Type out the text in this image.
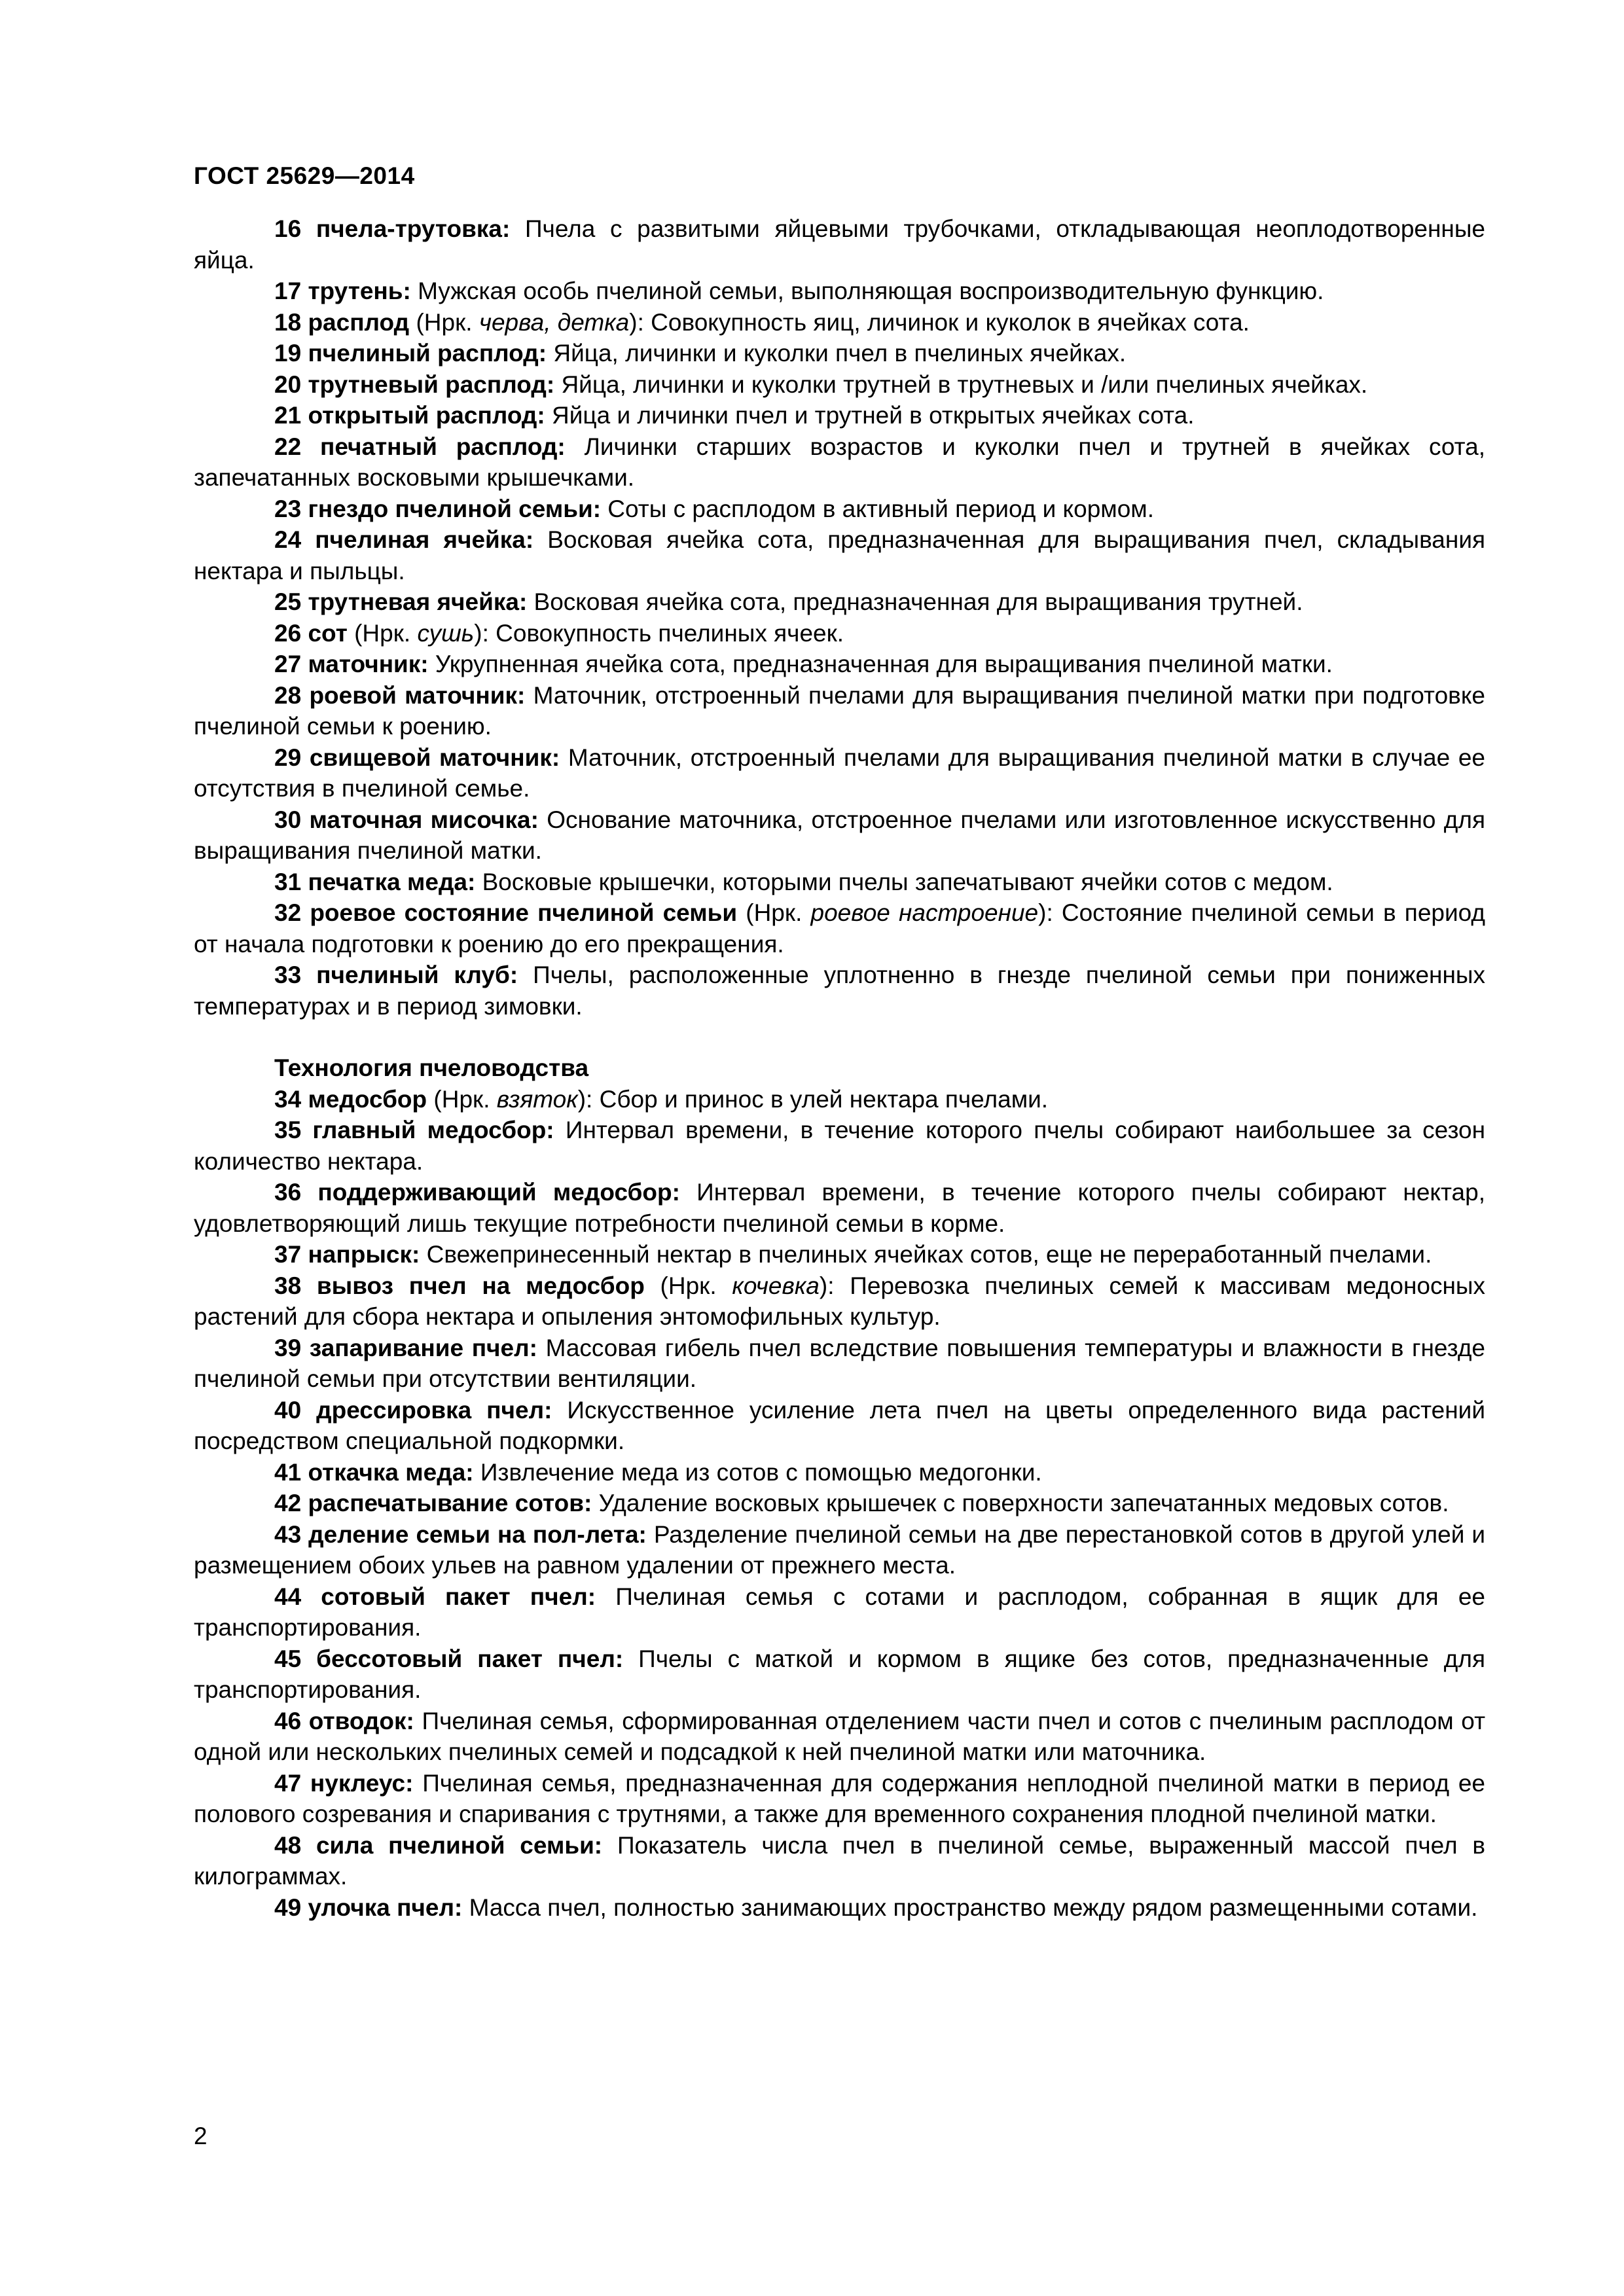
ГОСТ 25629—2014

16 пчела-трутовка: Пчела с развитыми яйцевыми трубочками, откладывающая неоплодотворенные яйца.

17 трутень: Мужская особь пчелиной семьи, выполняющая воспроизводительную функцию.

18 расплод (Нрк. черва, детка): Совокупность яиц, личинок и куколок в ячейках сота.

19 пчелиный расплод: Яйца, личинки и куколки пчел в пчелиных ячейках.

20 трутневый расплод: Яйца, личинки и куколки трутней в трутневых и /или пчелиных ячейках.

21 открытый расплод: Яйца и личинки пчел и трутней в открытых ячейках сота.

22 печатный расплод: Личинки старших возрастов и куколки пчел и трутней в ячейках сота, запечатанных восковыми крышечками.

23 гнездо пчелиной семьи: Соты с расплодом в активный период и кормом.

24 пчелиная ячейка: Восковая ячейка сота, предназначенная для выращивания пчел, складывания нектара и пыльцы.

25 трутневая ячейка: Восковая ячейка сота, предназначенная для выращивания трутней.

26 сот (Нрк. сушь): Совокупность пчелиных ячеек.

27 маточник: Укрупненная ячейка сота, предназначенная для выращивания пчелиной матки.

28 роевой маточник: Маточник, отстроенный пчелами для выращивания пчелиной матки при подготовке пчелиной семьи к роению.

29 свищевой маточник: Маточник, отстроенный пчелами для выращивания пчелиной матки в случае ее отсутствия в пчелиной семье.

30 маточная мисочка: Основание маточника, отстроенное пчелами или изготовленное искусственно для выращивания пчелиной матки.

31 печатка меда: Восковые крышечки, которыми пчелы запечатывают ячейки сотов с медом.

32 роевое состояние пчелиной семьи (Нрк. роевое настроение): Состояние пчелиной семьи в период от начала подготовки к роению до его прекращения.

33 пчелиный клуб: Пчелы, расположенные уплотненно в гнезде пчелиной семьи при пониженных температурах и в период зимовки.

Технология пчеловодства

34 медосбор (Нрк. взяток): Сбор и принос в улей нектара пчелами.

35 главный медосбор: Интервал времени, в течение которого пчелы собирают наибольшее за сезон количество нектара.

36 поддерживающий медосбор: Интервал времени, в течение которого пчелы собирают нектар, удовлетворяющий лишь текущие потребности пчелиной семьи в корме.

37 напрыск: Свежепринесенный нектар в пчелиных ячейках сотов, еще не переработанный пчелами.

38 вывоз пчел на медосбор (Нрк. кочевка): Перевозка пчелиных семей к массивам медоносных растений для сбора нектара и опыления энтомофильных культур.

39 запаривание пчел: Массовая гибель пчел вследствие повышения температуры и влажности в гнезде пчелиной семьи при отсутствии вентиляции.

40 дрессировка пчел: Искусственное усиление лета пчел на цветы определенного вида растений посредством специальной подкормки.

41 откачка меда: Извлечение меда из сотов с помощью медогонки.

42 распечатывание сотов: Удаление восковых крышечек с поверхности запечатанных медовых сотов.

43 деление семьи на пол-лета: Разделение пчелиной семьи на две перестановкой сотов в другой улей и размещением обоих ульев на равном удалении от прежнего места.

44 сотовый пакет пчел: Пчелиная семья с сотами и расплодом, собранная в ящик для ее транспортирования.

45 бессотовый пакет пчел: Пчелы с маткой и кормом в ящике без сотов, предназначенные для транспортирования.

46 отводок: Пчелиная семья, сформированная отделением части пчел и сотов с пчелиным расплодом от одной или нескольких пчелиных семей и подсадкой к ней пчелиной матки или маточника.

47 нуклеус: Пчелиная семья, предназначенная для содержания неплодной пчелиной матки в период ее полового созревания и спаривания с трутнями, а также для временного сохранения плодной пчелиной матки.

48 сила пчелиной семьи: Показатель числа пчел в пчелиной семье, выраженный массой пчел в килограммах.

49 улочка пчел: Масса пчел, полностью занимающих пространство между рядом размещенными сотами.

2
